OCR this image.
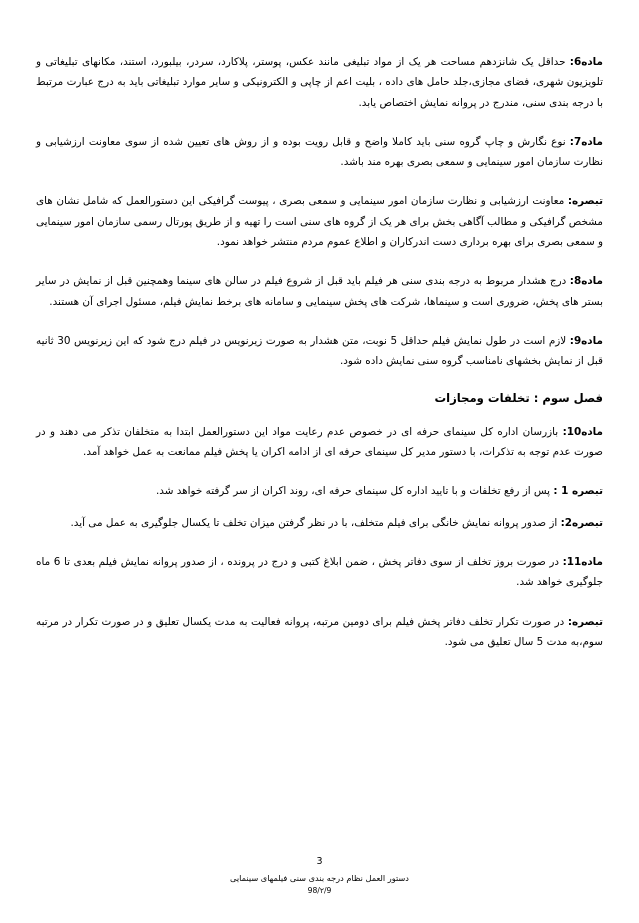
ماده6: حداقل یک شانزدهم مساحت هر یک از مواد تبلیغی مانند عکس، پوستر، پلاکارد، سردر، بیلبورد، استند، مکانهای تبلیغاتی و تلویزیون شهری، فضای مجازی،جلد حامل های داده ، بلیت اعم از چاپی و الکترونیکی و سایر موارد تبلیغاتی باید به درج عبارت مرتبط با درجه بندی سنی، مندرج در پروانه نمایش اختصاص یابد.

ماده7: نوع نگارش و چاپ گروه سنی باید کاملا واضح و قابل رویت بوده و از روش های تعیین شده از سوی معاونت ارزشیابی و نظارت سازمان امور سینمایی و سمعی بصری بهره مند باشد.

تبصره: معاونت ارزشیابی و نظارت سازمان امور سینمایی و سمعی بصری ، پیوست گرافیکی این دستورالعمل که شامل نشان های مشخص گرافیکی و مطالب آگاهی بخش برای هر یک از گروه های سنی است را تهیه و از طریق پورتال رسمی سازمان امور سینمایی و سمعی بصری برای بهره برداری دست اندرکاران و اطلاع عموم مردم منتشر خواهد نمود.

ماده8: درج هشدار مربوط به درجه بندی سنی هر فیلم باید قبل از شروع فیلم در سالن های سینما وهمچنین قبل از نمایش در سایر بستر های پخش، ضروری است و سینماها، شرکت های پخش سینمایی و سامانه های برخط نمایش فیلم، مسئول اجرای آن هستند.

ماده9: لازم است در طول نمایش فیلم حداقل 5 نوبت، متن هشدار به صورت زیرنویس در فیلم درج شود که این زیرنویس 30 ثانیه قبل از نمایش بخشهای نامناسب گروه سنی نمایش داده شود.

فصل سوم : تخلفات ومجازات

ماده10: بازرسان اداره کل سینمای حرفه ای در خصوص عدم رعایت مواد این دستورالعمل ابتدا به متخلفان تذکر می دهند و در صورت عدم توجه به تذکرات، با دستور مدیر کل سینمای حرفه ای از ادامه اکران یا پخش فیلم ممانعت به عمل خواهد آمد.

تبصره 1 : پس از رفع تخلفات و با تایید اداره کل سینمای حرفه ای، روند اکران از سر گرفته خواهد شد.

تبصره2: از صدور پروانه نمایش خانگی برای فیلم متخلف، با در نظر گرفتن میزان تخلف تا یکسال جلوگیری به عمل می آید.

ماده11: در صورت بروز تخلف از سوی دفاتر پخش ، ضمن ابلاغ کتبی و درج در پرونده ، از صدور پروانه نمایش فیلم بعدی تا 6 ماه جلوگیری خواهد شد.

تبصره: در صورت تکرار تخلف دفاتر پخش فیلم برای دومین مرتبه، پروانه فعالیت به مدت یکسال تعلیق و در صورت تکرار در مرتبه سوم،به مدت 5 سال تعلیق می شود.

3
دستور العمل نظام درجه بندی سنی فیلمهای سینمایی
98/۲/9
